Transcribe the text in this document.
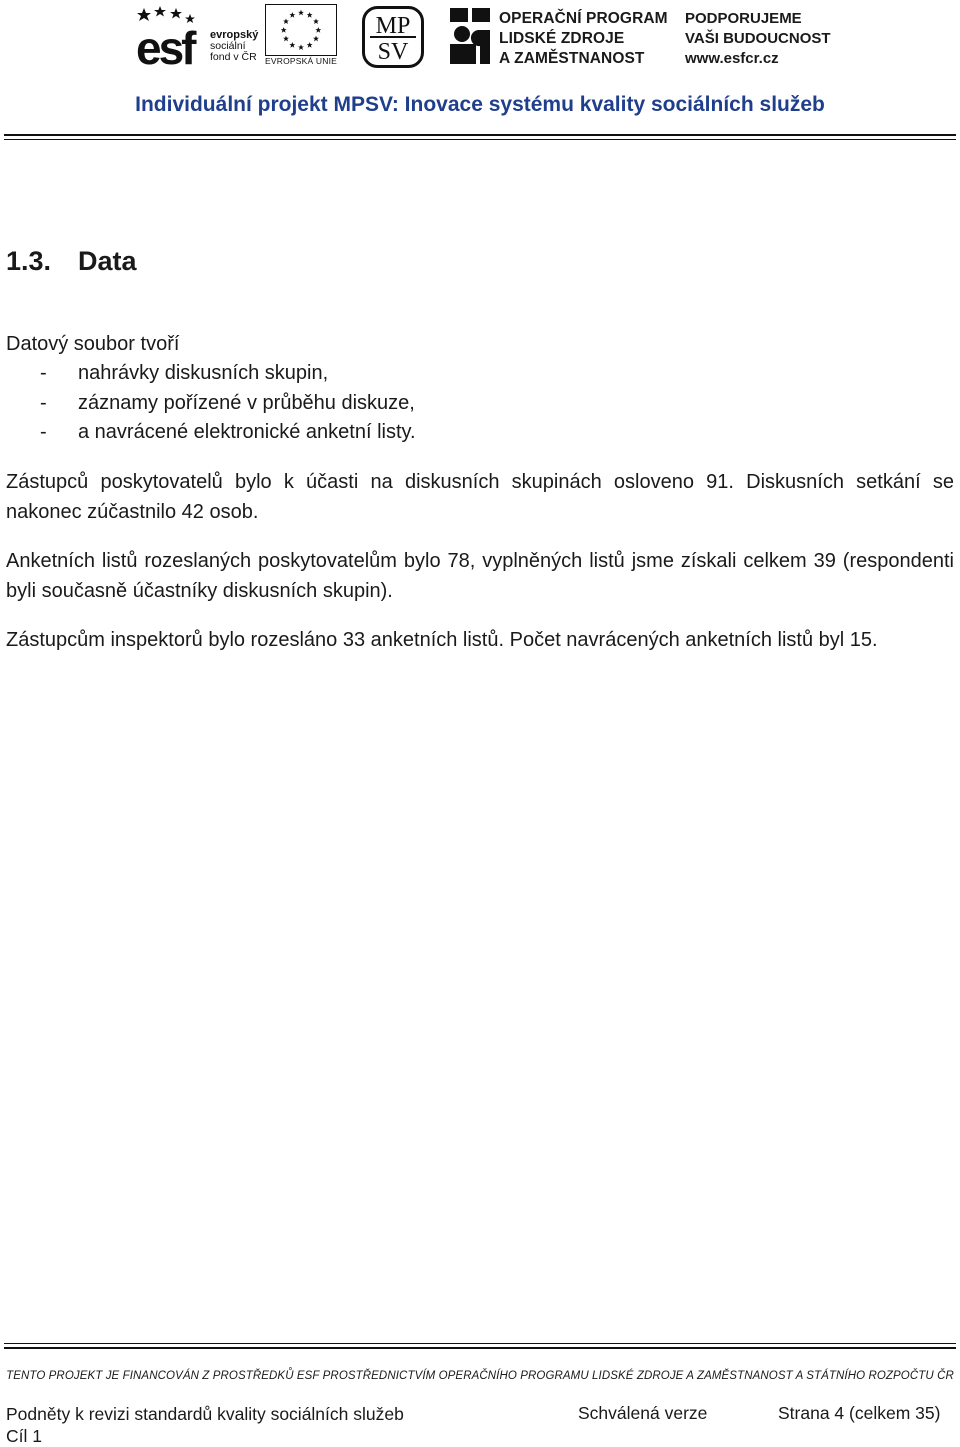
esf	evropský
sociální
fond v ČR EVROPSKÁ UNIE
MP
SV
OPERAČNÍ PROGRAM
LIDSKÉ ZDROJE
A ZAMĚSTNANOST
PODPORUJEME
VAŠI BUDOUCNOST
www.esfcr.cz
Individuální projekt MPSV: Inovace systému kvality sociálních služeb
1.3. Data
Datový soubor tvoří
- nahrávky diskusních skupin,
- záznamy pořízené v průběhu diskuze,
- a navrácené elektronické anketní listy.

Zástupců poskytovatelů bylo k účasti na diskusních skupinách osloveno 91. Diskusních setkání se nakonec zúčastnilo 42 osob.

Anketních listů rozeslaných poskytovatelům bylo 78, vyplněných listů jsme získali celkem 39 (respondenti byli současně účastníky diskusních skupin).

Zástupcům inspektorů bylo rozesláno 33 anketních listů. Počet navrácených anketních listů byl 15.

TENTO PROJEKT JE FINANCOVÁN Z PROSTŘEDKŮ ESF PROSTŘEDNICTVÍM OPERAČNÍHO PROGRAMU LIDSKÉ ZDROJE A ZAMĚSTNANOST A STÁTNÍHO ROZPOČTU ČR
Podněty k revizi standardů kvality sociálních služeb
Cíl 1
Schválená verze	Strana 4 (celkem 35)
